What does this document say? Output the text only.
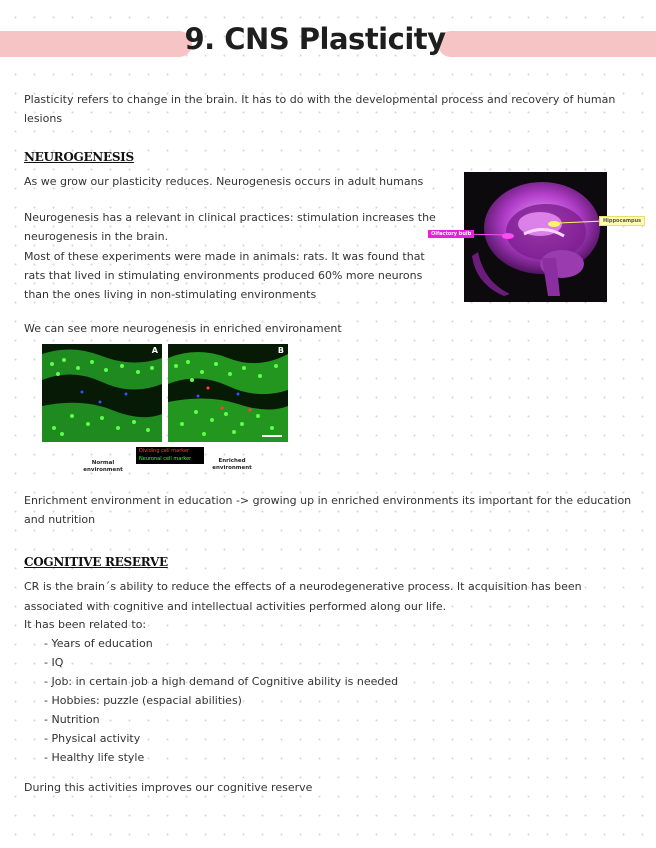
9. CNS Plasticity

Plasticity refers to change in the brain. It has to do with the developmental process and recovery of human

lesions

NEUROGENESIS

As we grow our plasticity reduces. Neurogenesis occurs in adult humans

Neurogenesis has a relevant in clinical practices: stimulation increases the

neurogenesis in the brain.

Most of these experiments were made in animals: rats. It was found that

rats that lived in stimulating environments produced 60% more neurons

than the ones living in non-stimulating environments

Olfactory bulb
Hippocampus

We can see more neurogenesis in enriched environament

A	B
Dividing cell marker
Neuronal cell marker
Normal environment
Enriched environment

Enrichment environment in education -> growing up in enriched environments its important for the education

and nutrition

COGNITIVE RESERVE

CR is the brain´s ability to reduce the effects of a neurodegenerative process. It acquisition has been

associated with cognitive and intellectual activities performed along our life.

It has been related to:

- Years of education
- IQ
- Job: in certain job a high demand of Cognitive ability is needed
- Hobbies: puzzle (espacial abilities)
- Nutrition
- Physical activity
- Healthy life style

During this activities improves our cognitive reserve
